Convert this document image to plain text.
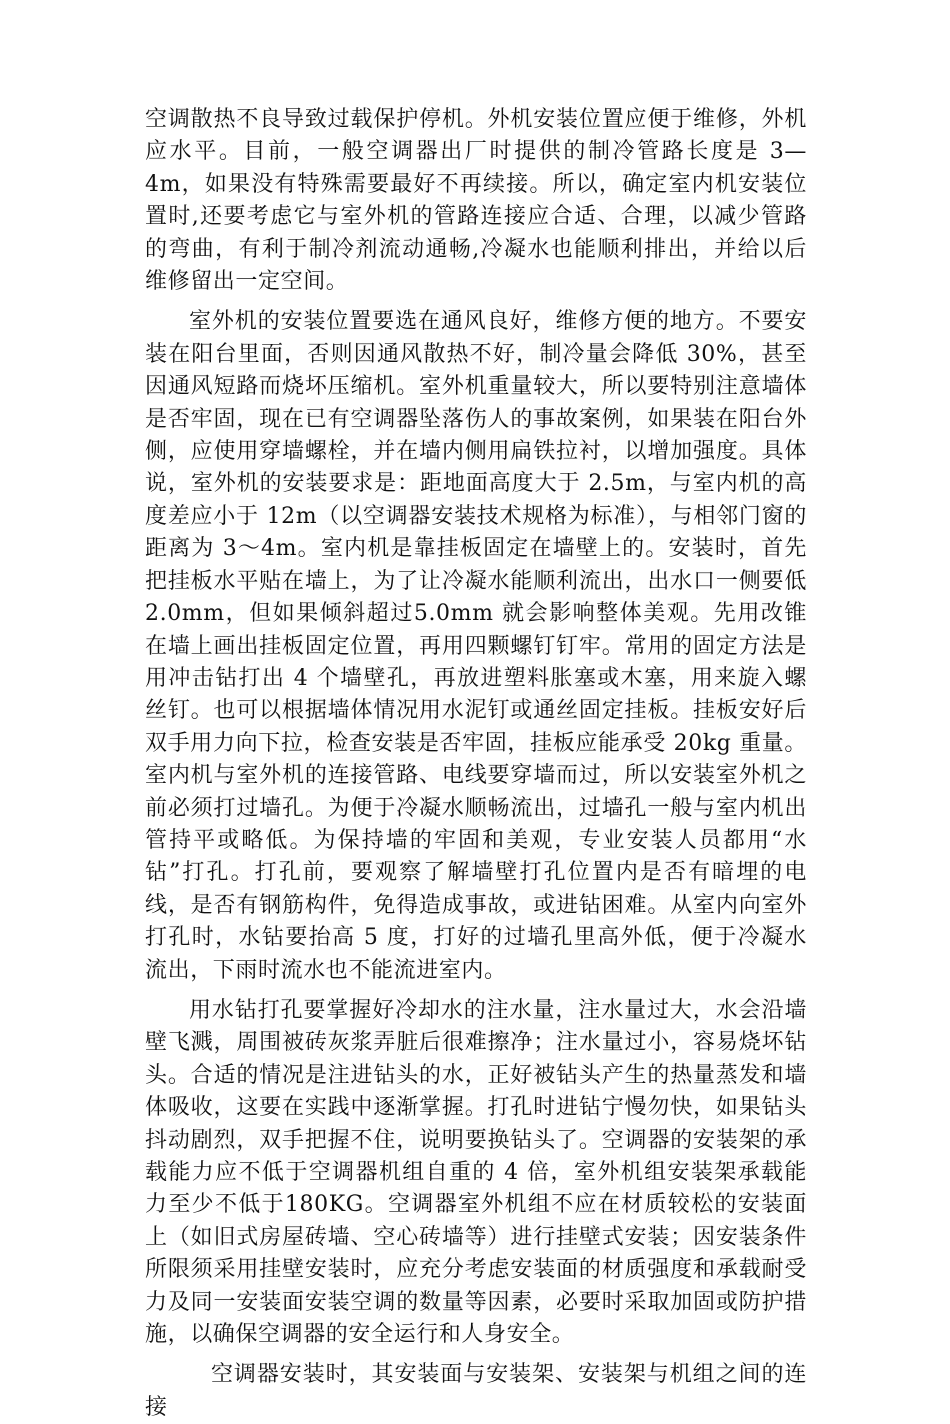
空调散热不良导致过载保护停机。外机安装位置应便于维修，外机应水平。目前，一般空调器出厂时提供的制冷管路长度是 3—4m，如果没有特殊需要最好不再续接。所以，确定室内机安装位置时,还要考虑它与室外机的管路连接应合适、合理，以减少管路的弯曲，有利于制冷剂流动通畅,冷凝水也能顺利排出，并给以后维修留出一定空间。

室外机的安装位置要选在通风良好，维修方便的地方。不要安装在阳台里面，否则因通风散热不好，制冷量会降低 30%，甚至因通风短路而烧坏压缩机。室外机重量较大，所以要特别注意墙体是否牢固，现在已有空调器坠落伤人的事故案例，如果装在阳台外侧，应使用穿墙螺栓，并在墙内侧用扁铁拉衬，以增加强度。具体说，室外机的安装要求是：距地面高度大于 2.5m，与室内机的高度差应小于 12m（以空调器安装技术规格为标准），与相邻门窗的距离为 3～4m。室内机是靠挂板固定在墙壁上的。安装时，首先把挂板水平贴在墙上，为了让冷凝水能顺利流出，出水口一侧要低 2.0mm，但如果倾斜超过5.0mm 就会影响整体美观。先用改锥在墙上画出挂板固定位置，再用四颗螺钉钉牢。常用的固定方法是用冲击钻打出 4 个墙壁孔，再放进塑料胀塞或木塞，用来旋入螺丝钉。也可以根据墙体情况用水泥钉或通丝固定挂板。挂板安好后双手用力向下拉，检查安装是否牢固，挂板应能承受 20kg 重量。室内机与室外机的连接管路、电线要穿墙而过，所以安装室外机之前必须打过墙孔。为便于冷凝水顺畅流出，过墙孔一般与室内机出管持平或略低。为保持墙的牢固和美观，专业安装人员都用“水钻”打孔。打孔前，要观察了解墙壁打孔位置内是否有暗埋的电线，是否有钢筋构件，免得造成事故，或进钻困难。从室内向室外打孔时，水钻要抬高 5 度，打好的过墙孔里高外低，便于冷凝水流出，下雨时流水也不能流进室内。

用水钻打孔要掌握好冷却水的注水量，注水量过大，水会沿墙壁飞溅，周围被砖灰浆弄脏后很难擦净；注水量过小，容易烧坏钻头。合适的情况是注进钻头的水，正好被钻头产生的热量蒸发和墙体吸收，这要在实践中逐渐掌握。打孔时进钻宁慢勿快，如果钻头抖动剧烈，双手把握不住，说明要换钻头了。空调器的安装架的承载能力应不低于空调器机组自重的 4 倍，室外机组安装架承载能力至少不低于180KG。空调器室外机组不应在材质较松的安装面上（如旧式房屋砖墙、空心砖墙等）进行挂壁式安装；因安装条件所限须采用挂壁安装时，应充分考虑安装面的材质强度和承载耐受力及同一安装面安装空调的数量等因素，必要时采取加固或防护措施，以确保空调器的安全运行和人身安全。

空调器安装时，其安装面与安装架、安装架与机组之间的连接
